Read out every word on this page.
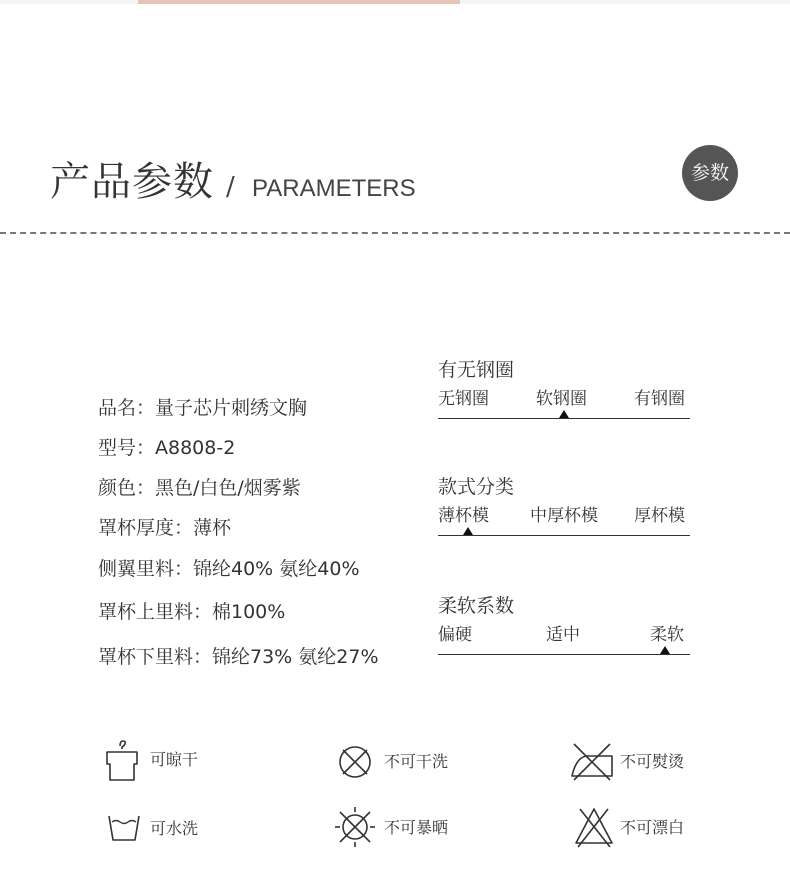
产品参数 / PARAMETERS
参数
品名：量子芯片刺绣文胸
型号：A8808-2
颜色：黑色/白色/烟雾紫
罩杯厚度：薄杯
侧翼里料：锦纶40% 氨纶40%
罩杯上里料：棉100%
罩杯下里料：锦纶73% 氨纶27%
有无钢圈
无钢圈	软钢圈	有钢圈
款式分类
薄杯模 中厚杯模 厚杯模
柔软系数
偏硬	适中	柔软
可晾干	不可干洗	不可熨烫
可水洗	不可暴晒	不可漂白
